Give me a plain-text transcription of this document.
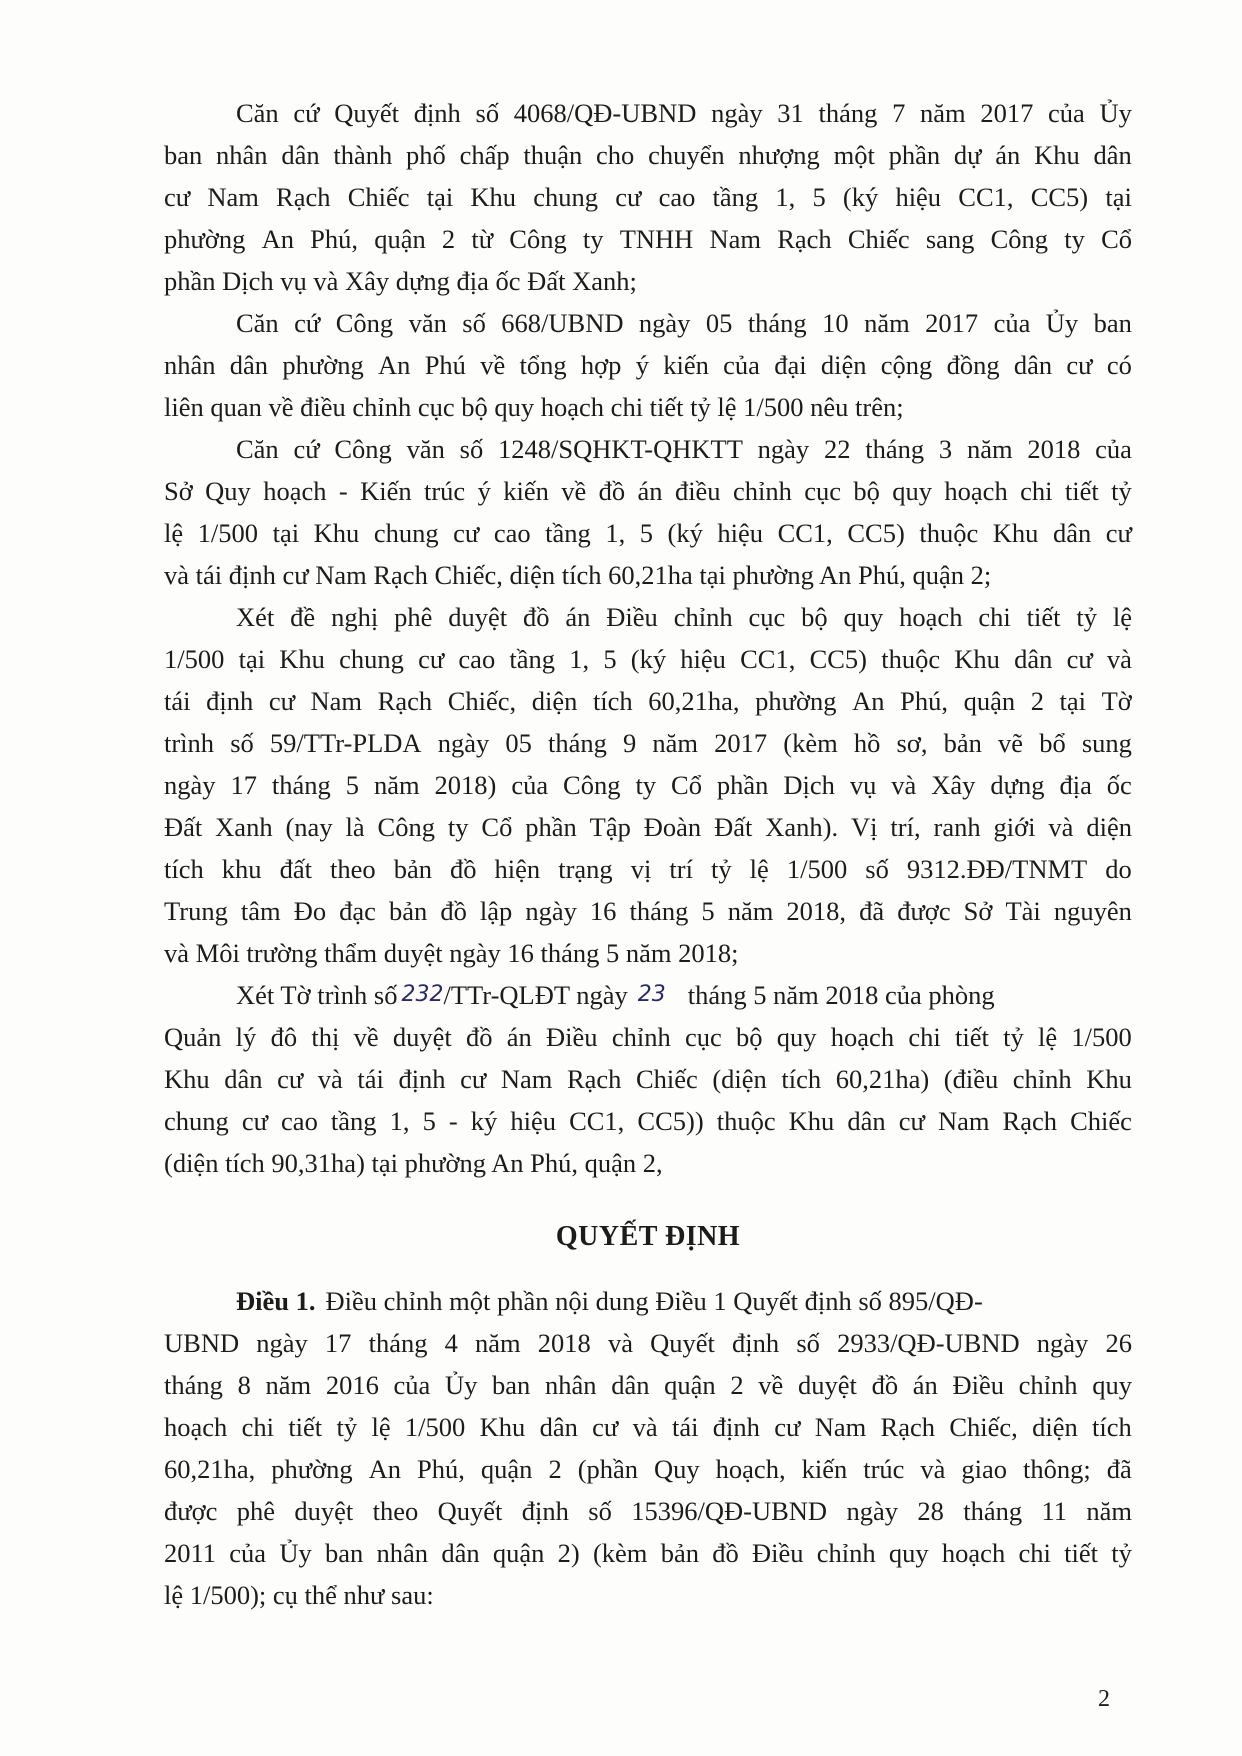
Căn cứ Quyết định số 4068/QĐ-UBND ngày 31 tháng 7 năm 2017 của Ủy
ban nhân dân thành phố chấp thuận cho chuyển nhượng một phần dự án Khu dân
cư Nam Rạch Chiếc tại Khu chung cư cao tầng 1, 5 (ký hiệu CC1, CC5) tại
phường An Phú, quận 2 từ Công ty TNHH Nam Rạch Chiếc sang Công ty Cổ
phần Dịch vụ và Xây dựng địa ốc Đất Xanh;
Căn cứ Công văn số 668/UBND ngày 05 tháng 10 năm 2017 của Ủy ban
nhân dân phường An Phú về tổng hợp ý kiến của đại diện cộng đồng dân cư có
liên quan về điều chỉnh cục bộ quy hoạch chi tiết tỷ lệ 1/500 nêu trên;
Căn cứ Công văn số 1248/SQHKT-QHKTT ngày 22 tháng 3 năm 2018 của
Sở Quy hoạch - Kiến trúc ý kiến về đồ án điều chỉnh cục bộ quy hoạch chi tiết tỷ
lệ 1/500 tại Khu chung cư cao tầng 1, 5 (ký hiệu CC1, CC5) thuộc Khu dân cư
và tái định cư Nam Rạch Chiếc, diện tích 60,21ha tại phường An Phú, quận 2;
Xét đề nghị phê duyệt đồ án Điều chỉnh cục bộ quy hoạch chi tiết tỷ lệ
1/500 tại Khu chung cư cao tầng 1, 5 (ký hiệu CC1, CC5) thuộc Khu dân cư và
tái định cư Nam Rạch Chiếc, diện tích 60,21ha, phường An Phú, quận 2 tại Tờ
trình số 59/TTr-PLDA ngày 05 tháng 9 năm 2017 (kèm hồ sơ, bản vẽ bổ sung
ngày 17 tháng 5 năm 2018) của Công ty Cổ phần Dịch vụ và Xây dựng địa ốc
Đất Xanh (nay là Công ty Cổ phần Tập Đoàn Đất Xanh). Vị trí, ranh giới và diện
tích khu đất theo bản đồ hiện trạng vị trí tỷ lệ 1/500 số 9312.ĐĐ/TNMT do
Trung tâm Đo đạc bản đồ lập ngày 16 tháng 5 năm 2018, đã được Sở Tài nguyên
và Môi trường thẩm duyệt ngày 16 tháng 5 năm 2018;
Xét Tờ trình số 232 /TTr-QLĐT ngày 23 tháng 5 năm 2018 của phòng
Quản lý đô thị về duyệt đồ án Điều chỉnh cục bộ quy hoạch chi tiết tỷ lệ 1/500
Khu dân cư và tái định cư Nam Rạch Chiếc (diện tích 60,21ha) (điều chỉnh Khu
chung cư cao tầng 1, 5 - ký hiệu CC1, CC5)) thuộc Khu dân cư Nam Rạch Chiếc
(diện tích 90,31ha) tại phường An Phú, quận 2,
QUYẾT ĐỊNH
Điều 1. Điều chỉnh một phần nội dung Điều 1 Quyết định số 895/QĐ-
UBND ngày 17 tháng 4 năm 2018 và Quyết định số 2933/QĐ-UBND ngày 26
tháng 8 năm 2016 của Ủy ban nhân dân quận 2 về duyệt đồ án Điều chỉnh quy
hoạch chi tiết tỷ lệ 1/500 Khu dân cư và tái định cư Nam Rạch Chiếc, diện tích
60,21ha, phường An Phú, quận 2 (phần Quy hoạch, kiến trúc và giao thông; đã
được phê duyệt theo Quyết định số 15396/QĐ-UBND ngày 28 tháng 11 năm
2011 của Ủy ban nhân dân quận 2) (kèm bản đồ Điều chỉnh quy hoạch chi tiết tỷ
lệ 1/500); cụ thể như sau:
2
